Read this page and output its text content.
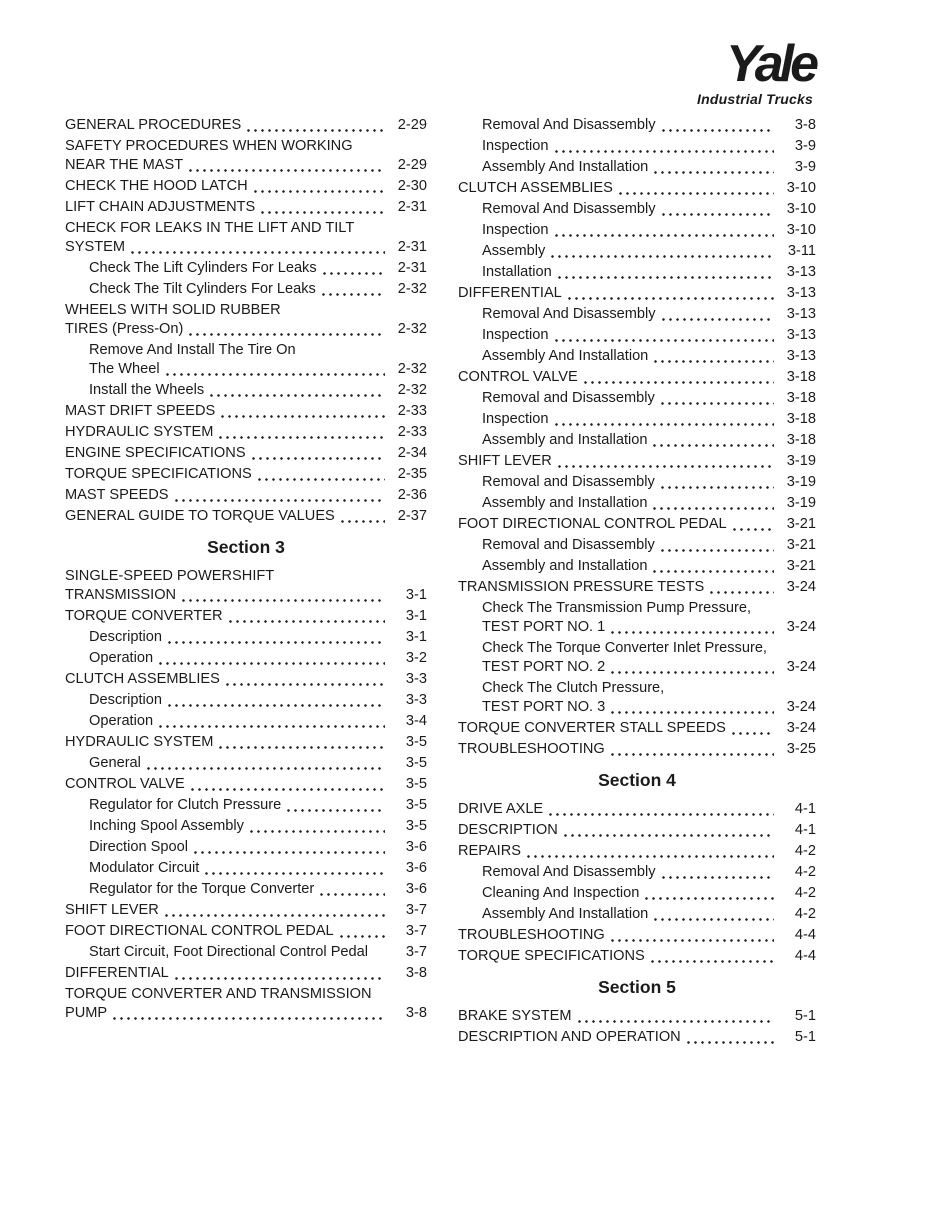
Yale
Industrial Trucks
GENERAL PROCEDURES	2-29
SAFETY PROCEDURES WHEN WORKING
NEAR THE MAST	2-29
CHECK THE HOOD LATCH	2-30
LIFT CHAIN ADJUSTMENTS	2-31
CHECK FOR LEAKS IN THE LIFT AND TILT
SYSTEM	2-31
Check The Lift Cylinders For Leaks	2-31
Check The Tilt Cylinders For Leaks	2-32
WHEELS WITH SOLID RUBBER
TIRES (Press-On)	2-32
Remove And Install The Tire On
The Wheel	2-32
Install the Wheels	2-32
MAST DRIFT SPEEDS	2-33
HYDRAULIC SYSTEM	2-33
ENGINE SPECIFICATIONS	2-34
TORQUE SPECIFICATIONS	2-35
MAST SPEEDS	2-36
GENERAL GUIDE TO TORQUE VALUES	2-37
Section 3
SINGLE-SPEED POWERSHIFT
TRANSMISSION	3-1
TORQUE CONVERTER	3-1
Description	3-1
Operation	3-2
CLUTCH ASSEMBLIES	3-3
Description	3-3
Operation	3-4
HYDRAULIC SYSTEM	3-5
General	3-5
CONTROL VALVE	3-5
Regulator for Clutch Pressure	3-5
Inching Spool Assembly	3-5
Direction Spool	3-6
Modulator Circuit	3-6
Regulator for the Torque Converter	3-6
SHIFT LEVER	3-7
FOOT DIRECTIONAL CONTROL PEDAL	3-7
Start Circuit, Foot Directional Control Pedal	3-7
DIFFERENTIAL	3-8
TORQUE CONVERTER AND TRANSMISSION
PUMP	3-8
Removal And Disassembly	3-8
Inspection	3-9
Assembly And Installation	3-9
CLUTCH ASSEMBLIES	3-10
Removal And Disassembly	3-10
Inspection	3-10
Assembly	3-11
Installation	3-13
DIFFERENTIAL	3-13
Removal And Disassembly	3-13
Inspection	3-13
Assembly And Installation	3-13
CONTROL VALVE	3-18
Removal and Disassembly	3-18
Inspection	3-18
Assembly and Installation	3-18
SHIFT LEVER	3-19
Removal and Disassembly	3-19
Assembly and Installation	3-19
FOOT DIRECTIONAL CONTROL PEDAL	3-21
Removal and Disassembly	3-21
Assembly and Installation	3-21
TRANSMISSION PRESSURE TESTS	3-24
Check The Transmission Pump Pressure,
TEST PORT NO. 1	3-24
Check The Torque Converter Inlet Pressure,
TEST PORT NO. 2	3-24
Check The Clutch Pressure,
TEST PORT NO. 3	3-24
TORQUE CONVERTER STALL SPEEDS	3-24
TROUBLESHOOTING	3-25
Section 4
DRIVE AXLE	4-1
DESCRIPTION	4-1
REPAIRS	4-2
Removal And Disassembly	4-2
Cleaning And Inspection	4-2
Assembly And Installation	4-2
TROUBLESHOOTING	4-4
TORQUE SPECIFICATIONS	4-4
Section 5
BRAKE SYSTEM	5-1
DESCRIPTION AND OPERATION	5-1
